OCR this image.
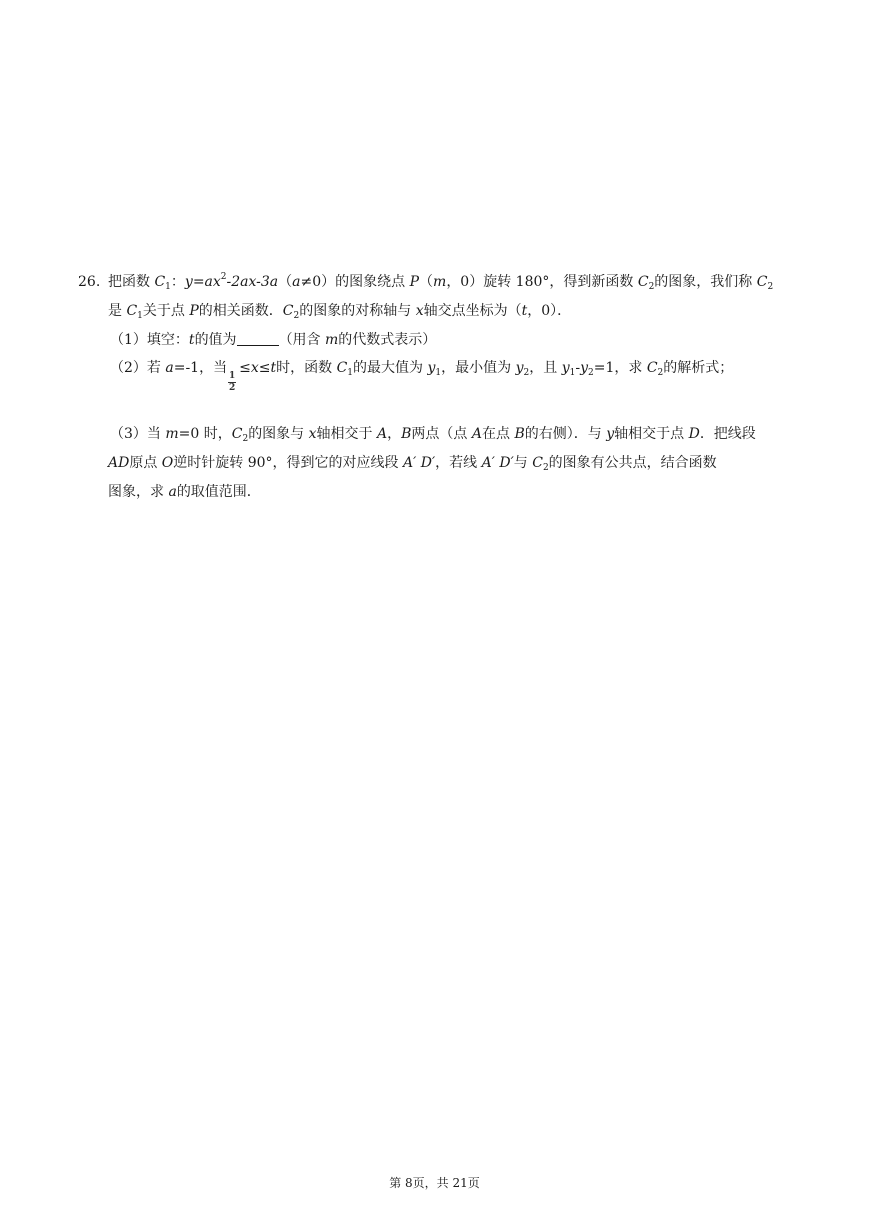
26. 把函数 $C_1$：$y=ax^2-2ax-3a(a\ne 0)$的图象绕点 P（m，0）旋转 180°，得到新函数 $C_2$的图象，我们称 $C_2$
是 $C_1$关于点 P的相关函数．$C_2$的图象的对称轴与 x轴交点坐标为（t，0）．
（1）填空：t的值为	（用含 m的代数式表示）
（2）若 a=-1，当
$\frac{1}{2}$
≤x≤t时，函数 $C_1$的最大值为 $y_1$，最小值为 $y_2$，且 $y_1-y_2=1$，求 $C_2$的解析式；
（3）当 m=0 时，$C_2$的图象与 x轴相交于 A，B两点（点 A在点 B的右侧）．与 y轴相交于点 D．把线段
AD原点 O逆时针旋转 90°，得到它的对应线段 A′ D′，若线 A′ D′与 $C_2$的图象有公共点，结合函数
图象，求 a的取值范围．
第 8页，共 21页
